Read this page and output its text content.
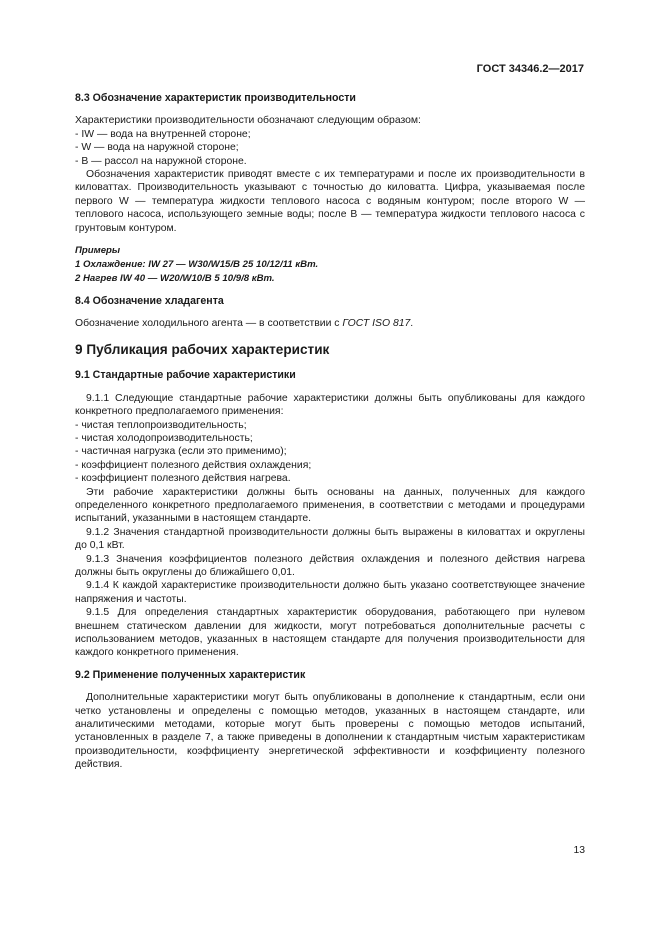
ГОСТ 34346.2—2017
8.3 Обозначение характеристик производительности

Характеристики производительности обозначают следующим образом:

- IW — вода на внутренней стороне;

- W — вода на наружной стороне;

- B — рассол на наружной стороне.

Обозначения характеристик приводят вместе с их температурами и после их производительности в киловаттах. Производительность указывают с точностью до киловатта. Цифра, указываемая после первого W — температура жидкости теплового насоса с водяным контуром; после второго W — теплового насоса, использующего земные воды; после B — температура жидкости теплового насоса с грунтовым контуром.

Примеры

1 Охлаждение: IW 27 — W30/W15/B 25 10/12/11 кВт.

2 Нагрев IW 40 — W20/W10/B 5 10/9/8 кВт.

8.4 Обозначение хладагента

Обозначение холодильного агента — в соответствии с ГОСТ ISO 817.

9 Публикация рабочих характеристик
9.1 Стандартные рабочие характеристики

9.1.1 Следующие стандартные рабочие характеристики должны быть опубликованы для каждого конкретного предполагаемого применения:

- чистая теплопроизводительность;

- чистая холодопроизводительность;

- частичная нагрузка (если это применимо);

- коэффициент полезного действия охлаждения;

- коэффициент полезного действия нагрева.

Эти рабочие характеристики должны быть основаны на данных, полученных для каждого определенного конкретного предполагаемого применения, в соответствии с методами и процедурами испытаний, указанными в настоящем стандарте.

9.1.2 Значения стандартной производительности должны быть выражены в киловаттах и округлены до 0,1 кВт.

9.1.3 Значения коэффициентов полезного действия охлаждения и полезного действия нагрева должны быть округлены до ближайшего 0,01.

9.1.4 К каждой характеристике производительности должно быть указано соответствующее значение напряжения и частоты.

9.1.5 Для определения стандартных характеристик оборудования, работающего при нулевом внешнем статическом давлении для жидкости, могут потребоваться дополнительные расчеты с использованием методов, указанных в настоящем стандарте для получения производительности для каждого конкретного применения.

9.2 Применение полученных характеристик

Дополнительные характеристики могут быть опубликованы в дополнение к стандартным, если они четко установлены и определены с помощью методов, указанных в настоящем стандарте, или аналитическими методами, которые могут быть проверены с помощью методов испытаний, установленных в разделе 7, а также приведены в дополнении к стандартным чистым характеристикам производительности, коэффициенту энергетической эффективности и коэффициенту полезного действия.

13
